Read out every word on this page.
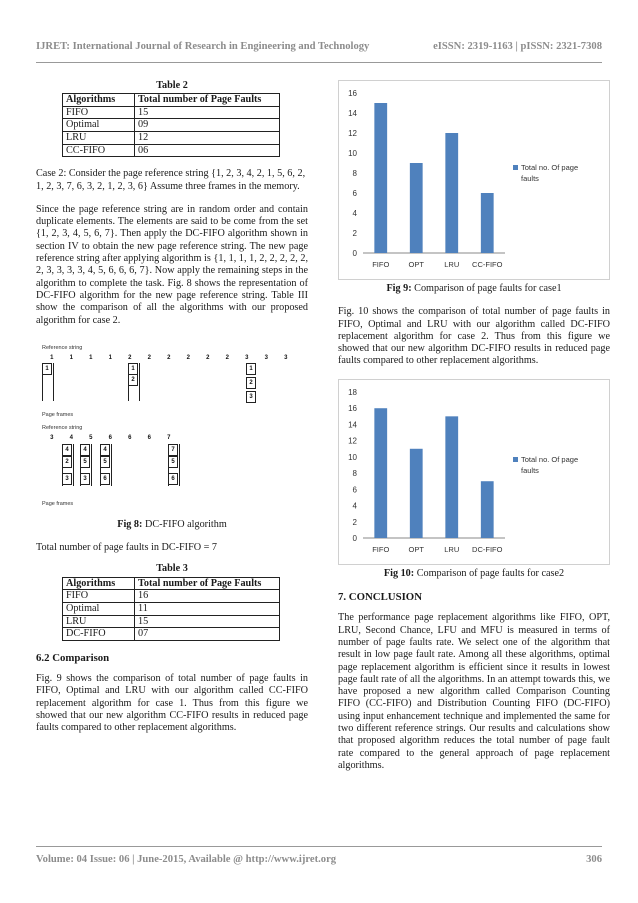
IJRET: International Journal of Research in Engineering and Technology	eISSN: 2319-1163 | pISSN: 2321-7308
Table 2
Algorithms	Total number of Page Faults
FIFO	15
Optimal	09
LRU	12
CC-FIFO	06

Case 2: Consider the page reference string {1, 2, 3, 4, 2, 1, 5, 6, 2, 1, 2, 3, 7, 6, 3, 2, 1, 2, 3, 6} Assume three frames in the memory.

Since the page reference string are in random order and contain duplicate elements. The elements are said to be come from the set {1, 2, 3, 4, 5, 6, 7}. Then apply the DC-FIFO algorithm shown in section IV to obtain the new page reference string. The new page reference string after applying algorithm is {1, 1, 1, 1, 2, 2, 2, 2, 2, 2, 3, 3, 3, 3, 4, 5, 6, 6, 6, 7}. Now apply the remaining steps in the algorithm to complete the task. Fig. 8 shows the representation of DC-FIFO algorithm for the new page reference string. Table III show the comparison of all the algorithms with our proposed algorithm for case 2.

Reference string
1	1	1	1	2	2	2	2	2	2	3	3	3
1	1
2
1
2
3
Page frames
Reference string
3	4	5	6	6	6	7
4
2
3
4
5
3
4
5
6
7
5
6
Page frames
Fig 8: DC-FIFO algorithm

Total number of page faults in DC-FIFO = 7

Table 3
Algorithms	Total number of Page Faults
FIFO	16
Optimal	11
LRU	15
DC-FIFO	07
6.2 Comparison

Fig. 9 shows the comparison of total number of page faults in FIFO, Optimal and LRU with our algorithm called CC-FIFO replacement algorithm for case 1. Thus from this figure we showed that our new algorithm CC-FIFO results in reduced page faults compared to other replacement algorithms.

0
2
4
6
8
10
12
14
16
FIFO	OPT	LRU CC-FIFO
Total no. Of page
faults
Fig 9: Comparison of page faults for case1

Fig. 10 shows the comparison of total number of page faults in FIFO, Optimal and LRU with our algorithm called DC-FIFO replacement algorithm for case 2. Thus from this figure we showed that our new algorithm DC-FIFO results in reduced page faults compared to other replacement algorithms.

0
2
4
6
8
10
12
14
16
18
FIFO	OPT	LRU DC-FIFO
Total no. Of page
faults
Fig 10: Comparison of page faults for case2
7. CONCLUSION

The performance page replacement algorithms like FIFO, OPT, LRU, Second Chance, LFU and MFU is measured in terms of number of page faults rate. We select one of the algorithm that result in low page fault rate. Among all these algorithms, optimal page replacement algorithm is efficient since it results in lowest page fault rate of all the algorithms. In an attempt towards this, we have proposed a new algorithm called Comparison Counting FIFO (CC-FIFO) and Distribution Counting FIFO (DC-FIFO) using input enhancement technique and implemented the same for two different reference strings. Our results and calculations show that proposed algorithm reduces the total number of page fault rate compared to the general approach of page replacement algorithms.

Volume: 04 Issue: 06 | June-2015, Available @ http://www.ijret.org	306
